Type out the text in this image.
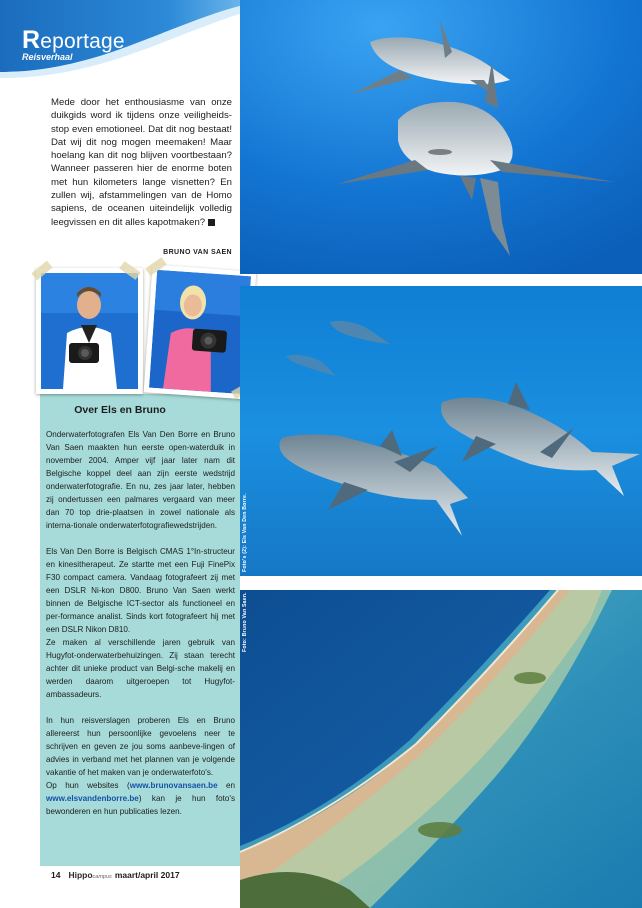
Reportage
Reisverhaal
Mede door het enthousiasme van onze duikgids word ik tijdens onze veiligheids-stop even emotioneel. Dat dit nog bestaat! Dat wij dit nog mogen meemaken! Maar hoelang kan dit nog blijven voortbestaan? Wanneer passeren hier de enorme boten met hun kilometers lange visnetten? En zullen wij, afstammelingen van de Homo sapiens, de oceanen uiteindelijk volledig leegvissen en dit alles kapotmaken?
BRUNO VAN SAEN
Over Els en Bruno

Onderwaterfotografen Els Van Den Borre en Bruno Van Saen maakten hun eerste open-waterduik in november 2004. Amper vijf jaar later nam dit Belgische koppel deel aan zijn eerste wedstrijd onderwaterfotografie. En nu, zes jaar later, hebben zij ondertussen een palmares vergaard van meer dan 70 top drie-plaatsen in zowel nationale als interna-tionale onderwaterfotografiewedstrijden.

Els Van Den Borre is Belgisch CMAS 1°In-structeur en kinesitherapeut. Ze startte met een Fuji FinePix F30 compact camera. Vandaag fotografeert zij met een DSLR Ni-kon D800. Bruno Van Saen werkt binnen de Belgische ICT-sector als functioneel en per-formance analist. Sinds kort fotografeert hij met een DSLR Nikon D810.

Ze maken al verschillende jaren gebruik van Hugyfot-onderwaterbehuizingen. Zij staan terecht achter dit unieke product van Belgi-sche makelij en werden daarom uitgeroepen tot Hugyfot-ambassadeurs.

In hun reisverslagen proberen Els en Bruno allereerst hun persoonlijke gevoelens neer te schrijven en geven ze jou soms aanbeve-lingen of advies in verband met het plannen van je volgende vakantie of het maken van je onderwaterfoto's.

Op hun websites (www.brunovansaen.be en www.elsvandenborre.be) kan je hun foto's bewonderen en hun publicaties lezen.

Foto's (2): Els Van Den Borre.
Foto: Bruno Van Saen.
14 Hippocampus maart/april 2017
